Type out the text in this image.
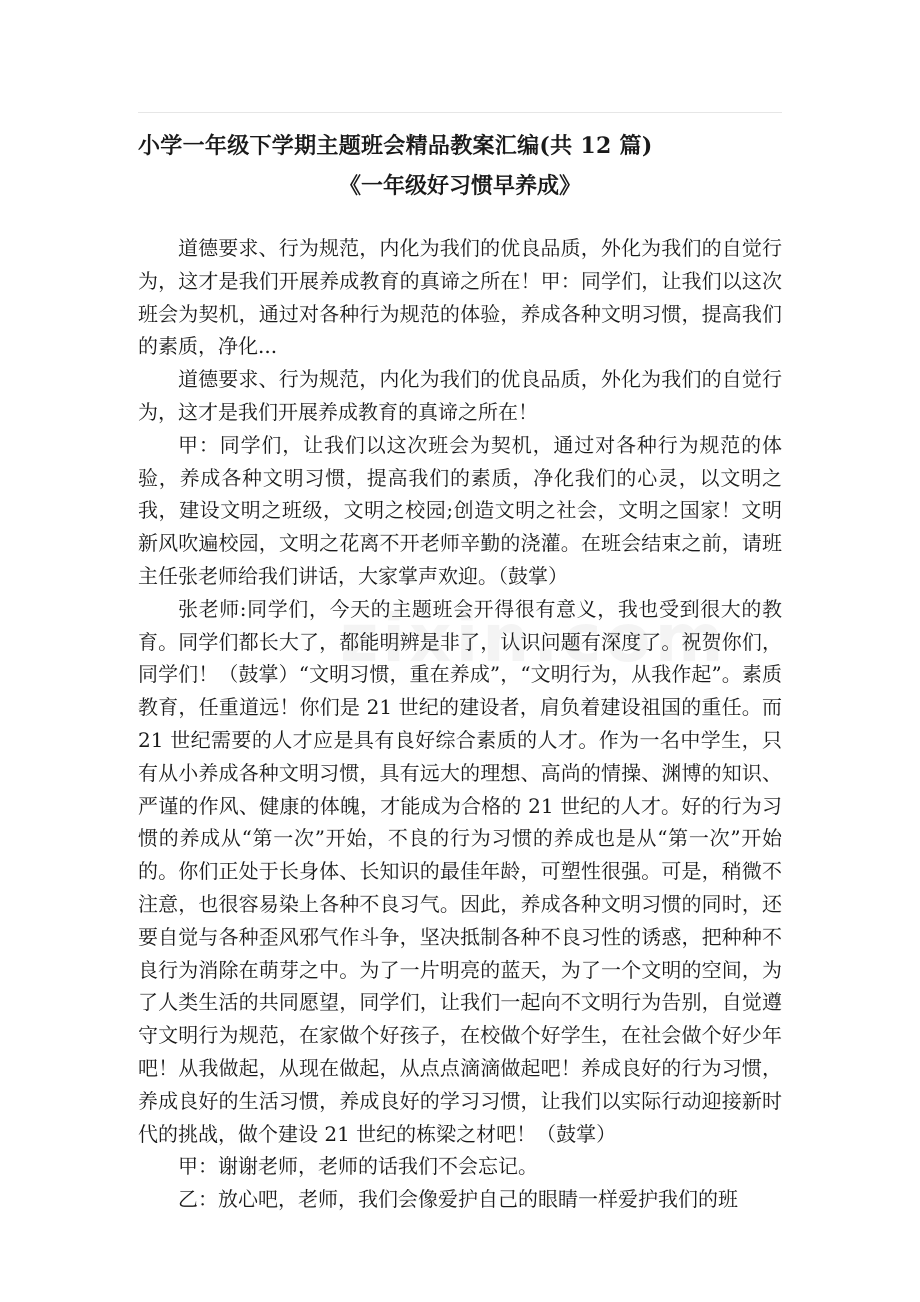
小学一年级下学期主题班会精品教案汇编(共 12 篇)
《一年级好习惯早养成》

道德要求、行为规范，内化为我们的优良品质，外化为我们的自觉行为，这才是我们开展养成教育的真谛之所在！甲：同学们，让我们以这次班会为契机，通过对各种行为规范的体验，养成各种文明习惯，提高我们的素质，净化...

道德要求、行为规范，内化为我们的优良品质，外化为我们的自觉行为，这才是我们开展养成教育的真谛之所在！

甲：同学们，让我们以这次班会为契机，通过对各种行为规范的体验，养成各种文明习惯，提高我们的素质，净化我们的心灵，以文明之我，建设文明之班级，文明之校园;创造文明之社会，文明之国家！文明新风吹遍校园，文明之花离不开老师辛勤的浇灌。在班会结束之前，请班主任张老师给我们讲话，大家掌声欢迎。（鼓掌）

张老师:同学们，今天的主题班会开得很有意义，我也受到很大的教育。同学们都长大了，都能明辨是非了，认识问题有深度了。祝贺你们，同学们！（鼓掌）“文明习惯，重在养成”，“文明行为，从我作起”。素质教育，任重道远！你们是 21 世纪的建设者，肩负着建设祖国的重任。而 21 世纪需要的人才应是具有良好综合素质的人才。作为一名中学生，只有从小养成各种文明习惯，具有远大的理想、高尚的情操、渊博的知识、严谨的作风、健康的体魄，才能成为合格的 21 世纪的人才。好的行为习惯的养成从“第一次”开始，不良的行为习惯的养成也是从“第一次”开始的。你们正处于长身体、长知识的最佳年龄，可塑性很强。可是，稍微不注意，也很容易染上各种不良习气。因此，养成各种文明习惯的同时，还要自觉与各种歪风邪气作斗争，坚决抵制各种不良习性的诱惑，把种种不良行为消除在萌芽之中。为了一片明亮的蓝天，为了一个文明的空间，为了人类生活的共同愿望，同学们，让我们一起向不文明行为告别，自觉遵守文明行为规范，在家做个好孩子，在校做个好学生，在社会做个好少年吧！从我做起，从现在做起，从点点滴滴做起吧！养成良好的行为习惯，养成良好的生活习惯，养成良好的学习习惯，让我们以实际行动迎接新时代的挑战，做个建设 21 世纪的栋梁之材吧！（鼓掌）

甲：谢谢老师，老师的话我们不会忘记。

乙：放心吧，老师，我们会像爱护自己的眼睛一样爱护我们的班
